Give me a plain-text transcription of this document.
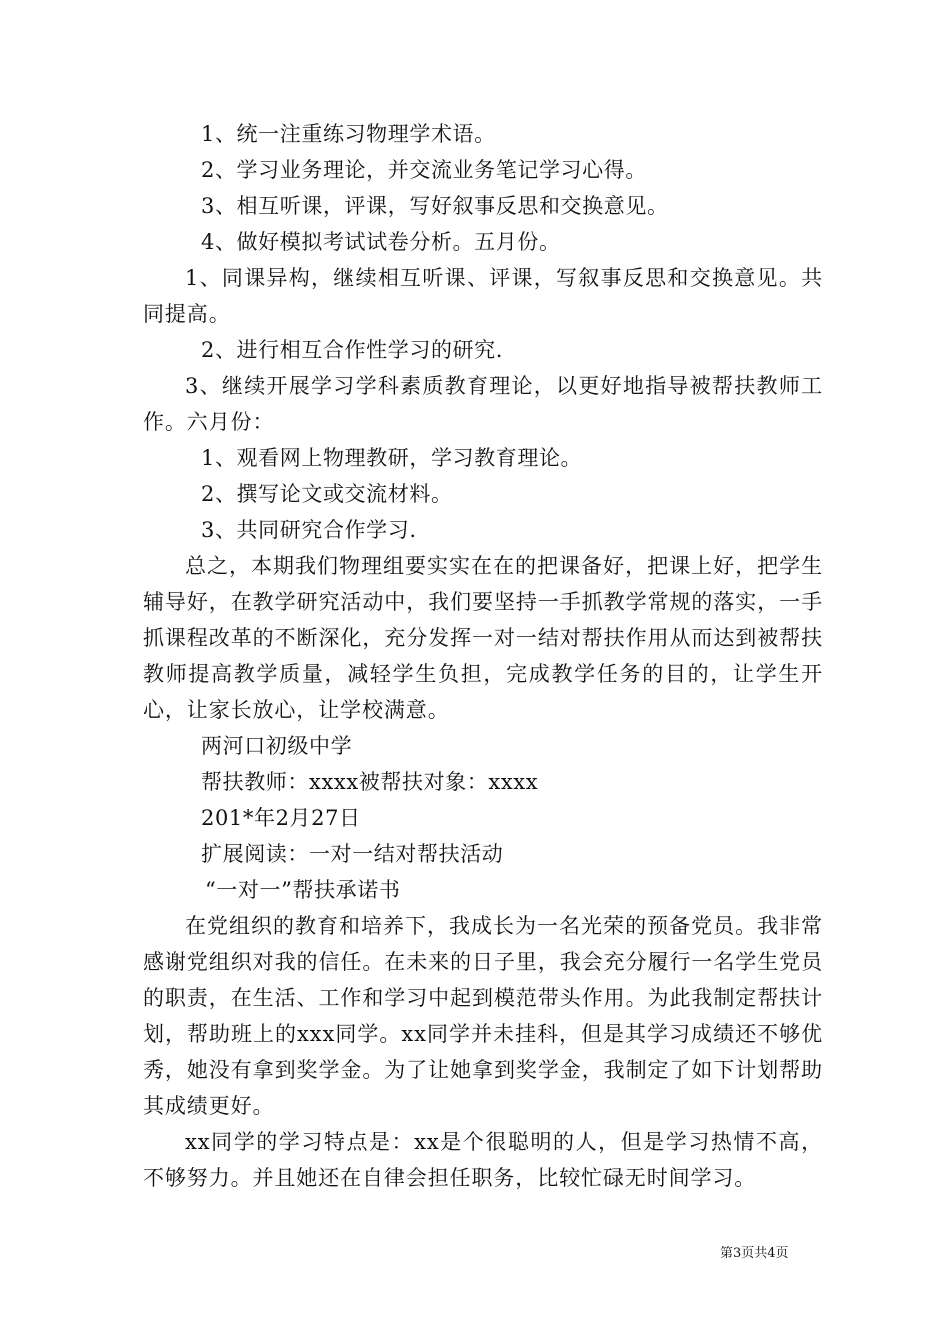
1、统一注重练习物理学术语。
2、学习业务理论，并交流业务笔记学习心得。
3、相互听课，评课，写好叙事反思和交换意见。
4、做好模拟考试试卷分析。五月份。

1、同课异构，继续相互听课、评课，写叙事反思和交换意见。共同提高。

2、进行相互合作性学习的研究.

3、继续开展学习学科素质教育理论，以更好地指导被帮扶教师工作。六月份：

1、观看网上物理教研，学习教育理论。
2、撰写论文或交流材料。
3、共同研究合作学习.

总之，本期我们物理组要实实在在的把课备好，把课上好，把学生辅导好，在教学研究活动中，我们要坚持一手抓教学常规的落实，一手抓课程改革的不断深化，充分发挥一对一结对帮扶作用从而达到被帮扶教师提高教学质量，减轻学生负担，完成教学任务的目的，让学生开心，让家长放心，让学校满意。

两河口初级中学
帮扶教师：xxxx被帮扶对象：xxxx
201*年2月27日
扩展阅读：一对一结对帮扶活动
“一对一”帮扶承诺书

在党组织的教育和培养下，我成长为一名光荣的预备党员。我非常感谢党组织对我的信任。在未来的日子里，我会充分履行一名学生党员的职责，在生活、工作和学习中起到模范带头作用。为此我制定帮扶计划，帮助班上的xxx同学。xx同学并未挂科，但是其学习成绩还不够优秀，她没有拿到奖学金。为了让她拿到奖学金，我制定了如下计划帮助其成绩更好。

xx同学的学习特点是：xx是个很聪明的人，但是学习热情不高，不够努力。并且她还在自律会担任职务，比较忙碌无时间学习。

第3页共4页
